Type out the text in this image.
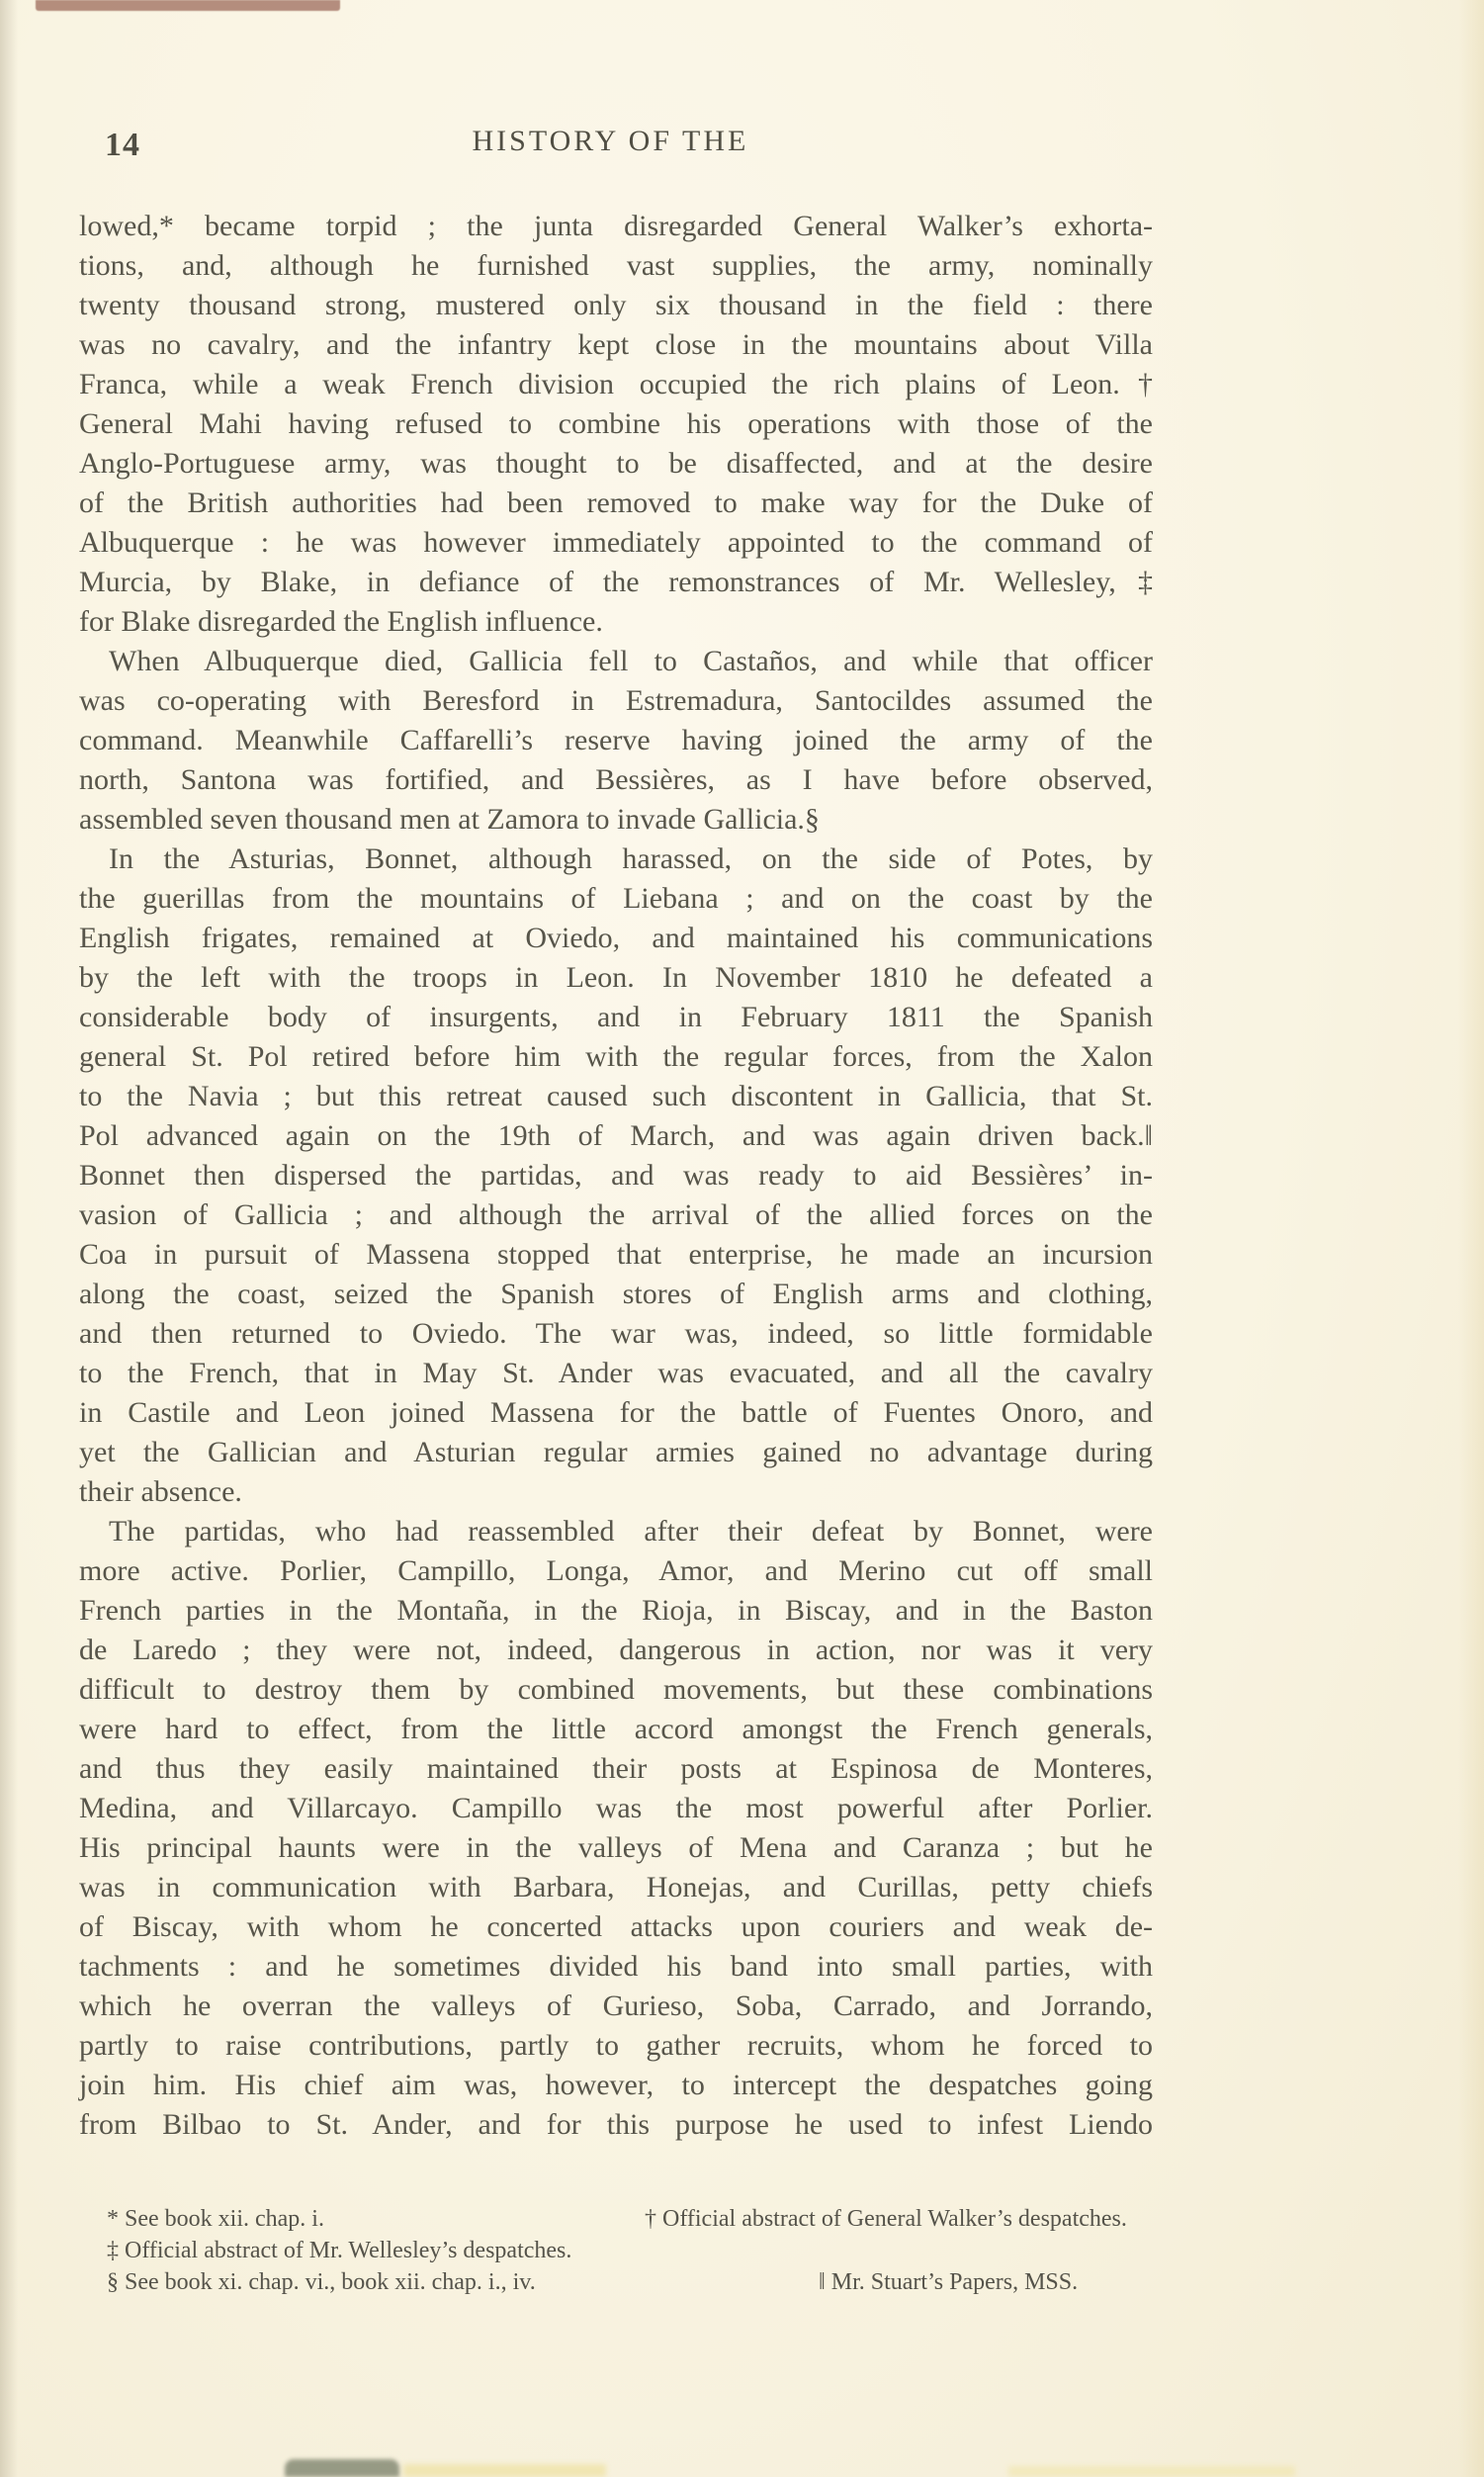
14	HISTORY OF THE
lowed,* became torpid ; the junta disregarded General Walker’s exhorta-
tions, and, although he furnished vast supplies, the army, nominally
twenty thousand strong, mustered only six thousand in the field : there
was no cavalry, and the infantry kept close in the mountains about Villa
Franca, while a weak French division occupied the rich plains of Leon.†
General Mahi having refused to combine his operations with those of the
Anglo-Portuguese army, was thought to be disaffected, and at the desire
of the British authorities had been removed to make way for the Duke of
Albuquerque : he was however immediately appointed to the command of
Murcia, by Blake, in defiance of the remonstrances of Mr. Wellesley,‡
for Blake disregarded the English influence.
When Albuquerque died, Gallicia fell to Castaños, and while that officer
was co-operating with Beresford in Estremadura, Santocildes assumed the
command. Meanwhile Caffarelli’s reserve having joined the army of the
north, Santona was fortified, and Bessières, as I have before observed,
assembled seven thousand men at Zamora to invade Gallicia.§
In the Asturias, Bonnet, although harassed, on the side of Potes, by
the guerillas from the mountains of Liebana ; and on the coast by the
English frigates, remained at Oviedo, and maintained his communications
by the left with the troops in Leon. In November 1810 he defeated a
considerable body of insurgents, and in February 1811 the Spanish
general St. Pol retired before him with the regular forces, from the Xalon
to the Navia ; but this retreat caused such discontent in Gallicia, that St.
Pol advanced again on the 19th of March, and was again driven back.‖
Bonnet then dispersed the partidas, and was ready to aid Bessières’ in-
vasion of Gallicia ; and although the arrival of the allied forces on the
Coa in pursuit of Massena stopped that enterprise, he made an incursion
along the coast, seized the Spanish stores of English arms and clothing,
and then returned to Oviedo. The war was, indeed, so little formidable
to the French, that in May St. Ander was evacuated, and all the cavalry
in Castile and Leon joined Massena for the battle of Fuentes Onoro, and
yet the Gallician and Asturian regular armies gained no advantage during
their absence.
The partidas, who had reassembled after their defeat by Bonnet, were
more active. Porlier, Campillo, Longa, Amor, and Merino cut off small
French parties in the Montaña, in the Rioja, in Biscay, and in the Baston
de Laredo ; they were not, indeed, dangerous in action, nor was it very
difficult to destroy them by combined movements, but these combinations
were hard to effect, from the little accord amongst the French generals,
and thus they easily maintained their posts at Espinosa de Monteres,
Medina, and Villarcayo. Campillo was the most powerful after Porlier.
His principal haunts were in the valleys of Mena and Caranza ; but he
was in communication with Barbara, Honejas, and Curillas, petty chiefs
of Biscay, with whom he concerted attacks upon couriers and weak de-
tachments : and he sometimes divided his band into small parties, with
which he overran the valleys of Gurieso, Soba, Carrado, and Jorrando,
partly to raise contributions, partly to gather recruits, whom he forced to
join him. His chief aim was, however, to intercept the despatches going
from Bilbao to St. Ander, and for this purpose he used to infest Liendo
* See book xii. chap. i.	† Official abstract of General Walker’s despatches.
‡ Official abstract of Mr. Wellesley’s despatches.
§ See book xi. chap. vi., book xii. chap. i., iv.	‖ Mr. Stuart’s Papers, MSS.
